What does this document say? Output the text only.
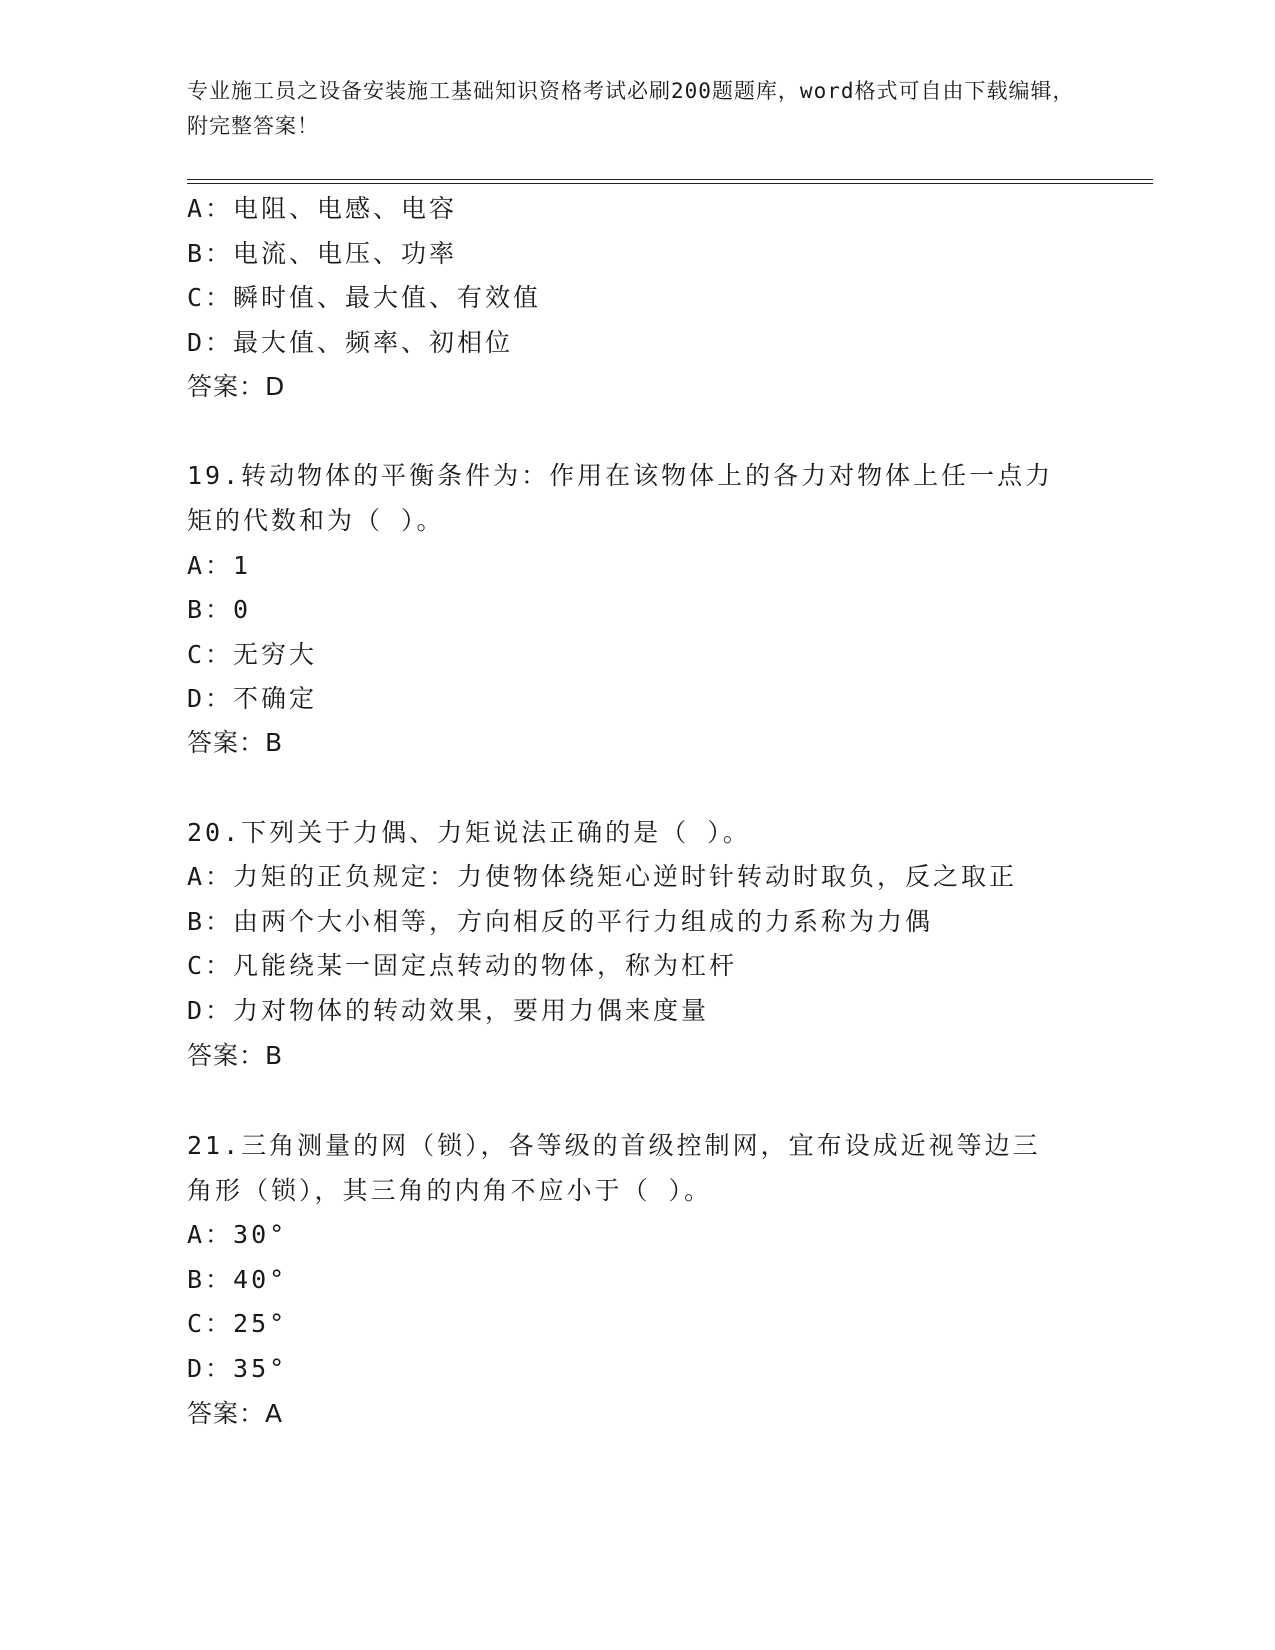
专业施工员之设备安装施工基础知识资格考试必刷200题题库，word格式可自由下载编辑，附完整答案！
A：电阻、电感、电容
B：电流、电压、功率
C：瞬时值、最大值、有效值
D：最大值、频率、初相位
答案：D
19.转动物体的平衡条件为：作用在该物体上的各力对物体上任一点力
矩的代数和为（ ）。
A：1
B：0
C：无穷大
D：不确定
答案：B
20.下列关于力偶、力矩说法正确的是（ ）。
A：力矩的正负规定：力使物体绕矩心逆时针转动时取负，反之取正
B：由两个大小相等，方向相反的平行力组成的力系称为力偶
C：凡能绕某一固定点转动的物体，称为杠杆
D：力对物体的转动效果，要用力偶来度量
答案：B
21.三角测量的网（锁），各等级的首级控制网，宜布设成近视等边三
角形（锁），其三角的内角不应小于（ ）。
A：30°
B：40°
C：25°
D：35°
答案：A
